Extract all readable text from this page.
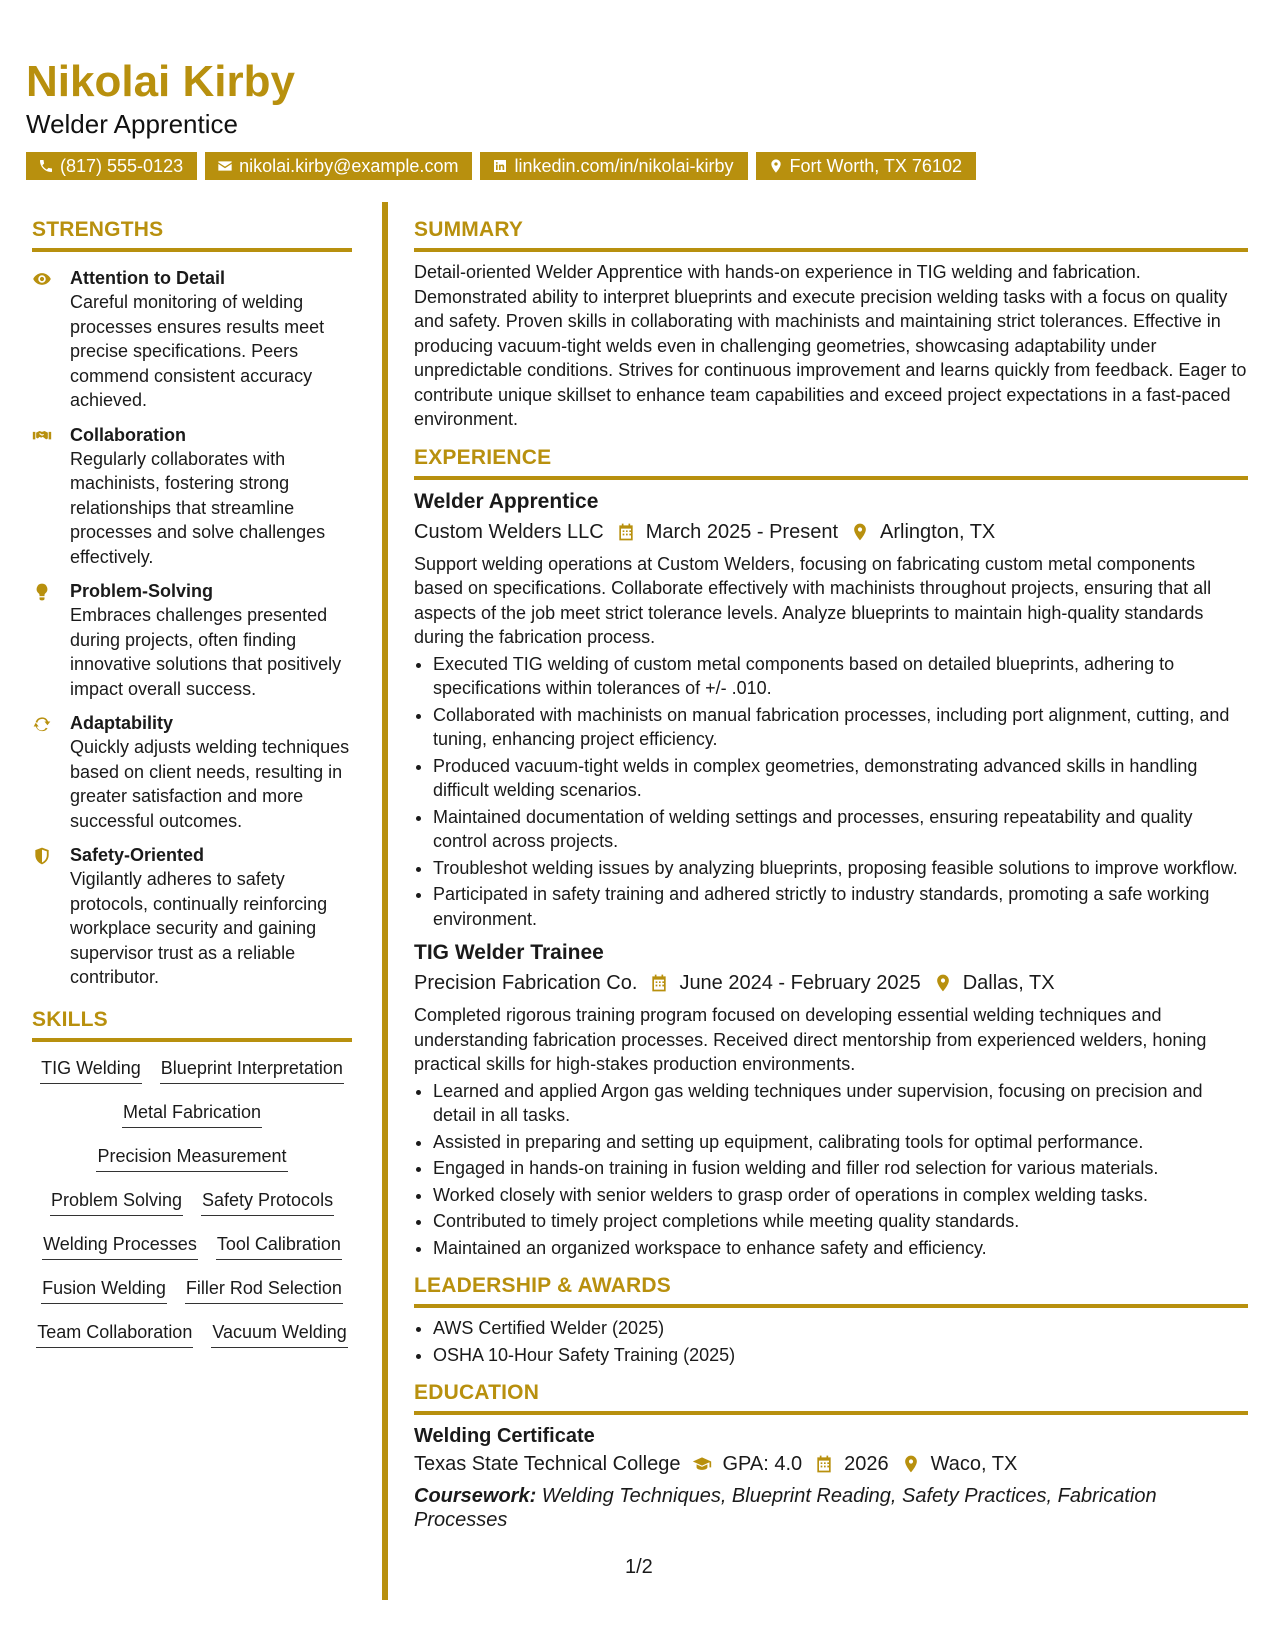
Nikolai Kirby
Welder Apprentice
(817) 555-0123	nikolai.kirby@example.com	linkedin.com/in/nikolai-kirby	Fort Worth, TX 76102
STRENGTHS
Attention to Detail
Careful monitoring of welding processes ensures results meet precise specifications. Peers commend consistent accuracy achieved.
Collaboration
Regularly collaborates with machinists, fostering strong relationships that streamline processes and solve challenges effectively.
Problem-Solving
Embraces challenges presented during projects, often finding innovative solutions that positively impact overall success.
Adaptability
Quickly adjusts welding techniques based on client needs, resulting in greater satisfaction and more successful outcomes.
Safety-Oriented
Vigilantly adheres to safety protocols, continually reinforcing workplace security and gaining supervisor trust as a reliable contributor.
SKILLS
TIG Welding Blueprint Interpretation
Metal Fabrication
Precision Measurement
Problem Solving Safety Protocols
Welding Processes Tool Calibration
Fusion Welding Filler Rod Selection
Team Collaboration Vacuum Welding
SUMMARY

Detail-oriented Welder Apprentice with hands-on experience in TIG welding and fabrication. Demonstrated ability to interpret blueprints and execute precision welding tasks with a focus on quality and safety. Proven skills in collaborating with machinists and maintaining strict tolerances. Effective in producing vacuum-tight welds even in challenging geometries, showcasing adaptability under unpredictable conditions. Strives for continuous improvement and learns quickly from feedback. Eager to contribute unique skillset to enhance team capabilities and exceed project expectations in a fast-paced environment.

EXPERIENCE
Welder Apprentice
Custom Welders LLC March 2025 - Present Arlington, TX

Support welding operations at Custom Welders, focusing on fabricating custom metal components based on specifications. Collaborate effectively with machinists throughout projects, ensuring that all aspects of the job meet strict tolerance levels. Analyze blueprints to maintain high-quality standards during the fabrication process.

• Executed TIG welding of custom metal components based on detailed blueprints, adhering to specifications within tolerances of +/- .010.
• Collaborated with machinists on manual fabrication processes, including port alignment, cutting, and tuning, enhancing project efficiency.
• Produced vacuum-tight welds in complex geometries, demonstrating advanced skills in handling difficult welding scenarios.
• Maintained documentation of welding settings and processes, ensuring repeatability and quality control across projects.
• Troubleshot welding issues by analyzing blueprints, proposing feasible solutions to improve workflow.
• Participated in safety training and adhered strictly to industry standards, promoting a safe working environment.
TIG Welder Trainee
Precision Fabrication Co. June 2024 - February 2025 Dallas, TX

Completed rigorous training program focused on developing essential welding techniques and understanding fabrication processes. Received direct mentorship from experienced welders, honing practical skills for high-stakes production environments.

• Learned and applied Argon gas welding techniques under supervision, focusing on precision and detail in all tasks.
• Assisted in preparing and setting up equipment, calibrating tools for optimal performance.
• Engaged in hands-on training in fusion welding and filler rod selection for various materials.
• Worked closely with senior welders to grasp order of operations in complex welding tasks.
• Contributed to timely project completions while meeting quality standards.
• Maintained an organized workspace to enhance safety and efficiency.
LEADERSHIP & AWARDS
• AWS Certified Welder (2025)
• OSHA 10-Hour Safety Training (2025)
EDUCATION
Welding Certificate
Texas State Technical College GPA: 4.0 2026 Waco, TX
Coursework: Welding Techniques, Blueprint Reading, Safety Practices, Fabrication Processes
1/2
